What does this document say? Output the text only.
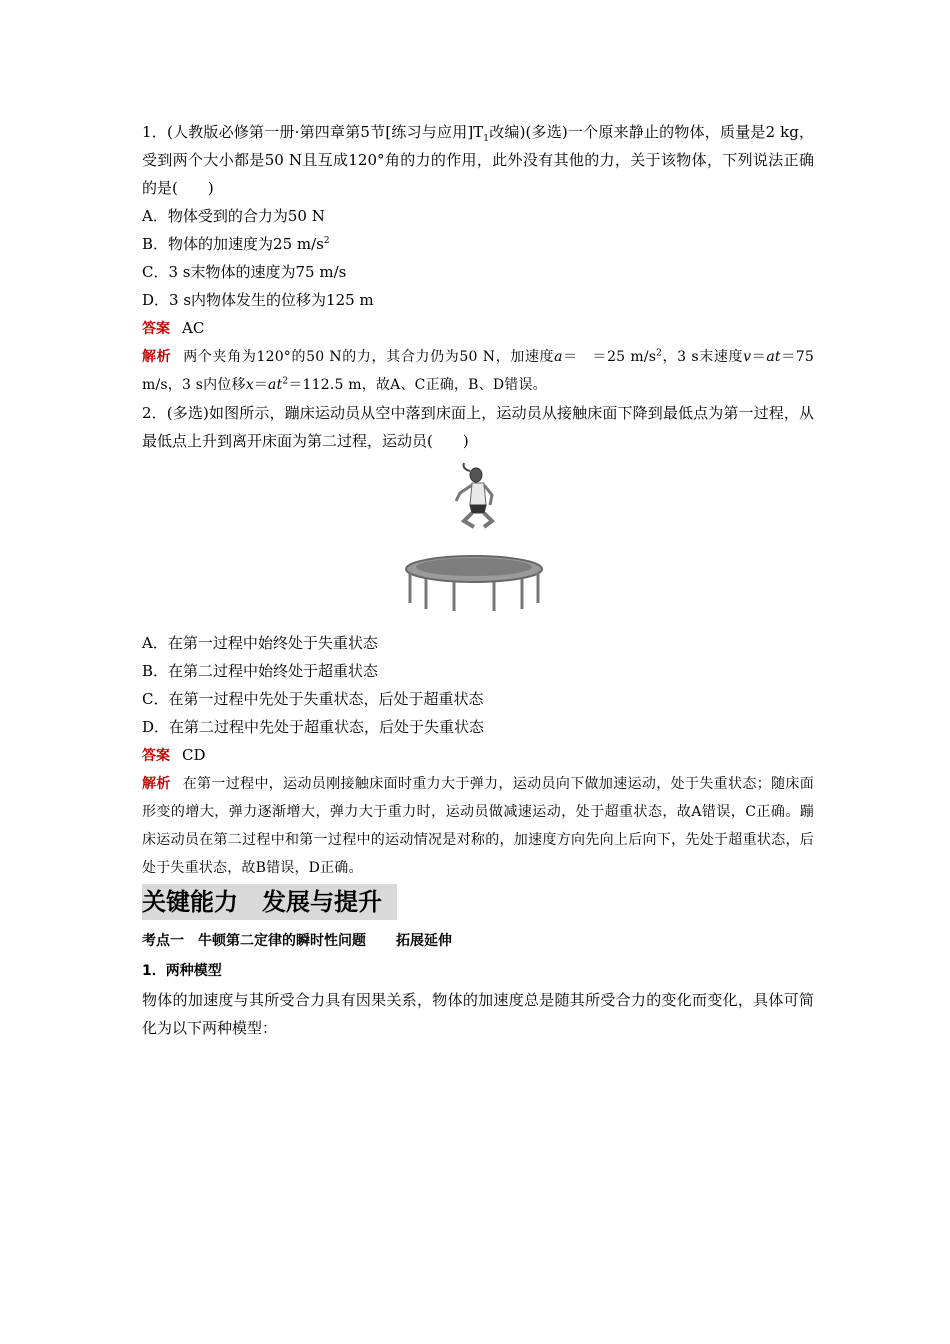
1．(人教版必修第一册·第四章第5节[练习与应用]$T_1$改编)(多选)一个原来静止的物体，质量是2 kg，受到两个大小都是50 N且互成120°角的力的作用，此外没有其他的力，关于该物体，下列说法正确的是(　　)

A．物体受到的合力为50 N

B．物体的加速度为25 $m/s^2$

C．3 s末物体的速度为75 m/s

D．3 s内物体发生的位移为125 m

答案 AC

解析 两个夹角为120°的50 N的力，其合力仍为50 N，加速度a＝　＝25 $m/s^2$，3 s末速度v＝at＝75 m/s，3 s内位移$x=at^2=112.5$ m，故A、C正确，B、D错误。

2．(多选)如图所示，蹦床运动员从空中落到床面上，运动员从接触床面下降到最低点为第一过程，从最低点上升到离开床面为第二过程，运动员(　　)

A．在第一过程中始终处于失重状态

B．在第二过程中始终处于超重状态

C．在第一过程中先处于失重状态，后处于超重状态

D．在第二过程中先处于超重状态，后处于失重状态

答案 CD

解析 在第一过程中，运动员刚接触床面时重力大于弹力，运动员向下做加速运动，处于失重状态；随床面形变的增大，弹力逐渐增大，弹力大于重力时，运动员做减速运动，处于超重状态，故A错误，C正确。蹦床运动员在第二过程中和第一过程中的运动情况是对称的，加速度方向先向上后向下，先处于超重状态，后处于失重状态，故B错误，D正确。

关键能力　发展与提升

考点一　牛顿第二定律的瞬时性问题 拓展延伸

1．两种模型

物体的加速度与其所受合力具有因果关系，物体的加速度总是随其所受合力的变化而变化，具体可简化为以下两种模型：
